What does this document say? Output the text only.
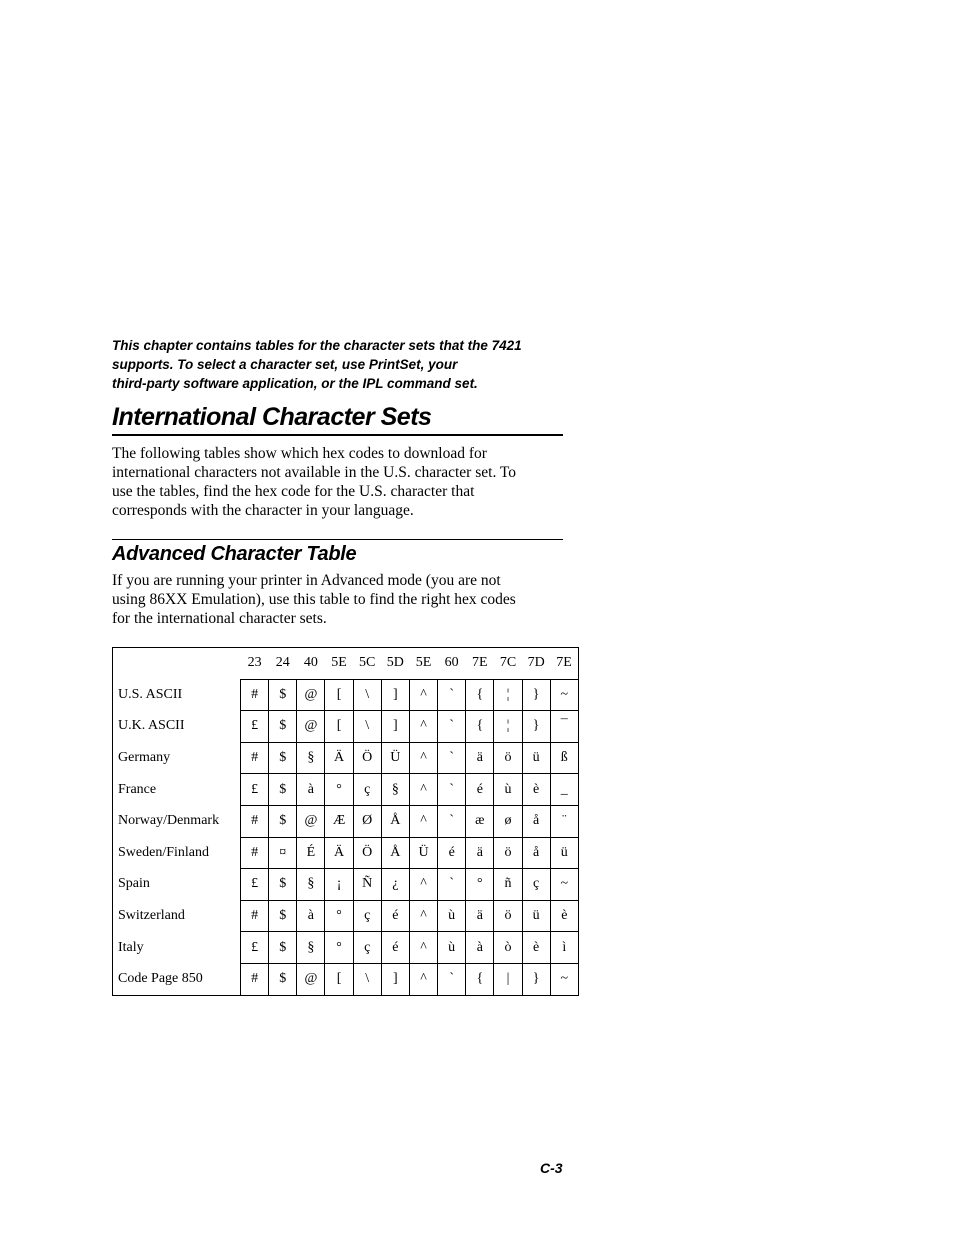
This chapter contains tables for the character sets that the 7421
supports. To select a character set, use PrintSet, your
third-party software application, or the IPL command set.
International Character Sets
The following tables show which hex codes to download for
international characters not available in the U.S. character set. To
use the tables, find the hex code for the U.S. character that
corresponds with the character in your language.
Advanced Character Table
If you are running your printer in Advanced mode (you are not
using 86XX Emulation), use this table to find the right hex codes
for the international character sets.
	23	24	40	5E	5C	5D	5E	60	7E	7C	7D	7E
U.S. ASCII	#	$	@	[	\	]	^	`	{	¦	}	~
U.K. ASCII	£	$	@	[	\	]	^	`	{	¦	}	¯
Germany	#	$	§	Ä	Ö	Ü	^	`	ä	ö	ü	ß
France	£	$	à	°	ç	§	^	`	é	ù	è	_
Norway/Denmark	#	$	@	Æ	Ø	Å	^	`	æ	ø	å	¨
Sweden/Finland	#	¤	É	Ä	Ö	Å	Ü	é	ä	ö	å	ü
Spain	£	$	§	¡	Ñ	¿	^	`	°	ñ	ç	~
Switzerland	#	$	à	°	ç	é	^	ù	ä	ö	ü	è
Italy	£	$	§	°	ç	é	^	ù	à	ò	è	ì
Code Page 850	#	$	@	[	\	]	^	`	{	|	}	~
C-3
